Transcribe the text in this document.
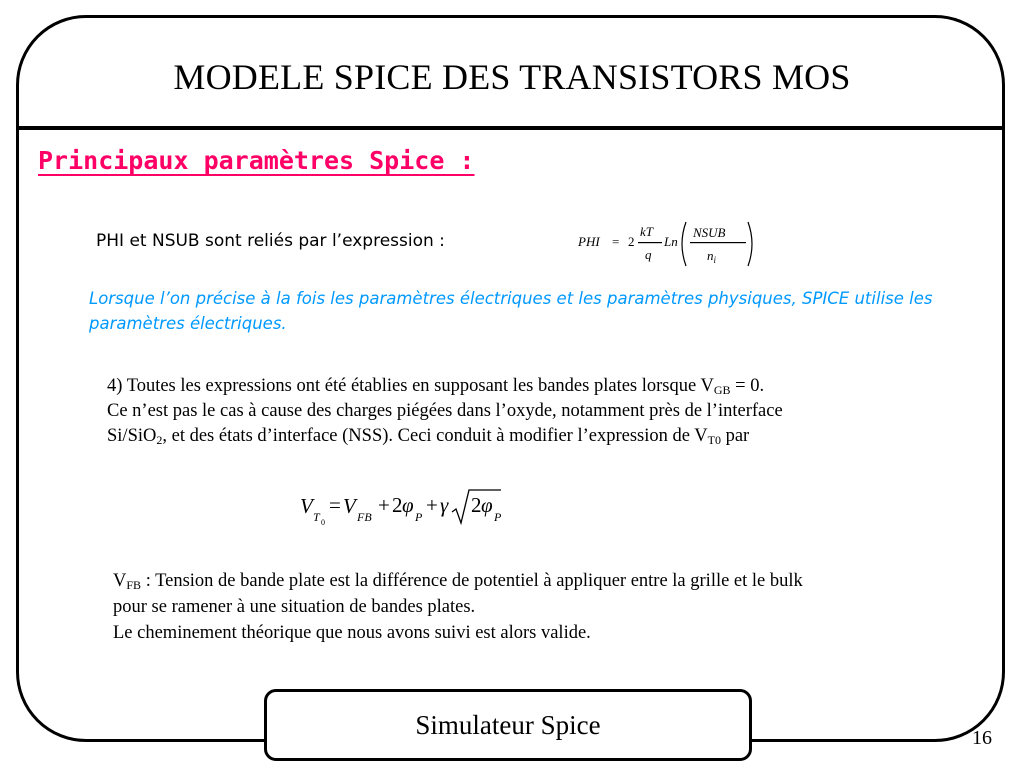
MODELE SPICE DES TRANSISTORS MOS
Principaux paramètres Spice :
PHI et NSUB sont reliés par l’expression :	PHI = 2
kT
q
Ln
NSUB
$n_i$
Lorsque l’on précise à la fois les paramètres électriques et les paramètres physiques, SPICE utilise les paramètres électriques.
4) Toutes les expressions ont été établies en supposant les bandes plates lorsque $V_{GB} = 0$.
Ce n’est pas le cas à cause des charges piégées dans l’oxyde, notamment près de l’interface
Si/SiO$_2$, et des états d’interface (NSS). Ceci conduit à modifier l’expression de $V_{T0}$ par
V T 0
= V FB + 2 φ P + γ 2 φ P
$V_{FB}$ : Tension de bande plate est la différence de potentiel à appliquer entre la grille et le bulk
pour se ramener à une situation de bandes plates.
Le cheminement théorique que nous avons suivi est alors valide.
Simulateur Spice	16
